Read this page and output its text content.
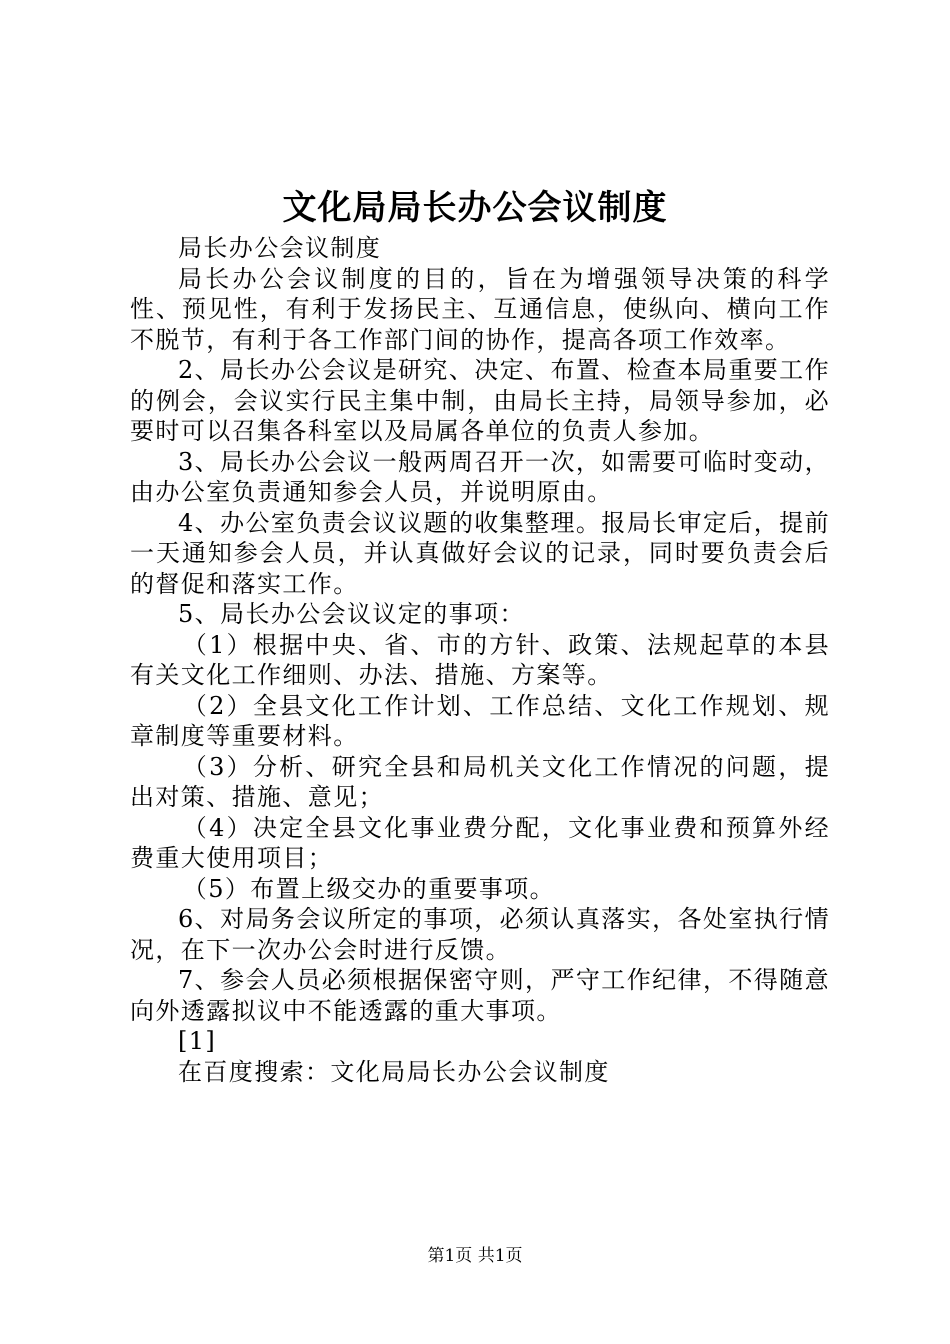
文化局局长办公会议制度

局长办公会议制度

局长办公会议制度的目的，旨在为增强领导决策的科学性、预见性，有利于发扬民主、互通信息，使纵向、横向工作不脱节，有利于各工作部门间的协作，提高各项工作效率。

2、局长办公会议是研究、决定、布置、检查本局重要工作的例会，会议实行民主集中制，由局长主持，局领导参加，必要时可以召集各科室以及局属各单位的负责人参加。

3、局长办公会议一般两周召开一次，如需要可临时变动，由办公室负责通知参会人员，并说明原由。

4、办公室负责会议议题的收集整理。报局长审定后，提前一天通知参会人员，并认真做好会议的记录，同时要负责会后的督促和落实工作。

5、局长办公会议议定的事项：

（1）根据中央、省、市的方针、政策、法规起草的本县有关文化工作细则、办法、措施、方案等。

（2）全县文化工作计划、工作总结、文化工作规划、规章制度等重要材料。

（3）分析、研究全县和局机关文化工作情况的问题，提出对策、措施、意见；

（4）决定全县文化事业费分配，文化事业费和预算外经费重大使用项目；

（5）布置上级交办的重要事项。

6、对局务会议所定的事项，必须认真落实，各处室执行情况，在下一次办公会时进行反馈。

7、参会人员必须根据保密守则，严守工作纪律，不得随意向外透露拟议中不能透露的重大事项。

[1]

在百度搜索：文化局局长办公会议制度

第1页 共1页
